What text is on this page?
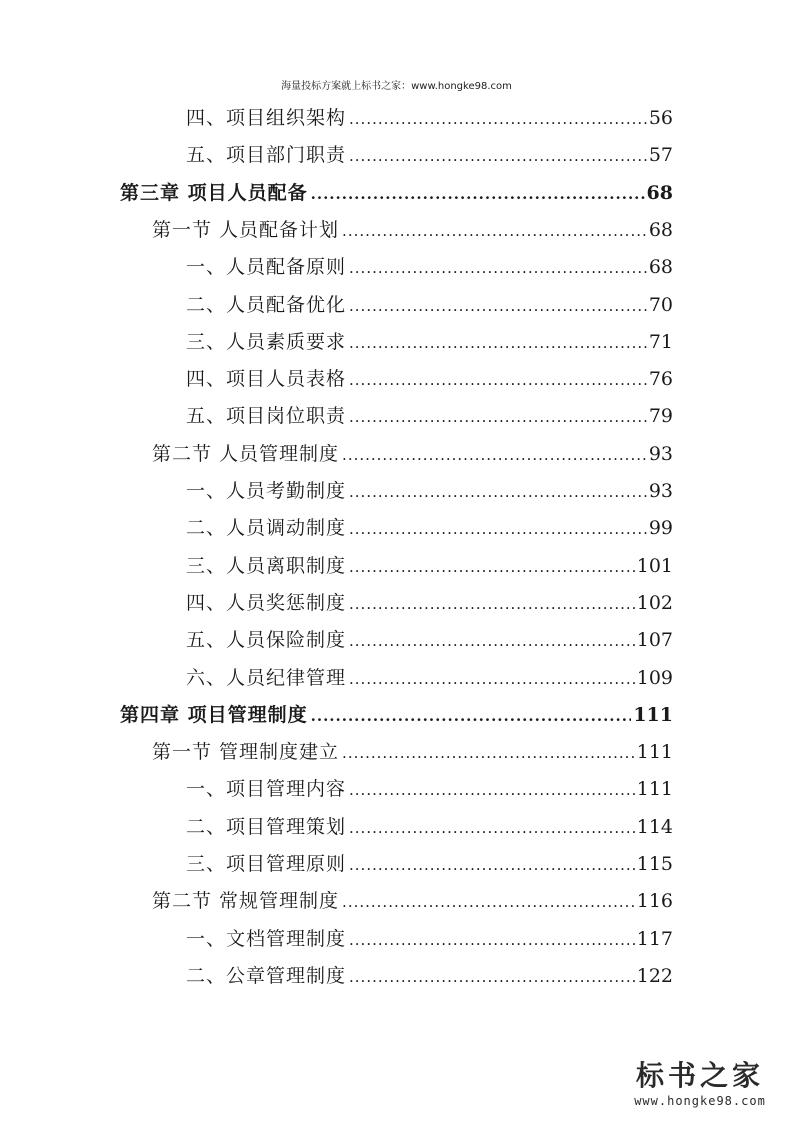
海量投标方案就上标书之家：www.hongke98.com
四、项目组织架构 .....	56
五、项目部门职责 .....	57
第三章 项目人员配备 .....	68
第一节 人员配备计划 .....	68
一、人员配备原则 .....	68
二、人员配备优化 .....	70
三、人员素质要求 .....	71
四、项目人员表格 .....	76
五、项目岗位职责 .....	79
第二节 人员管理制度 .....	93
一、人员考勤制度 .....	93
二、人员调动制度 .....	99
三、人员离职制度 .....	101
四、人员奖惩制度 .....	102
五、人员保险制度 .....	107
六、人员纪律管理 .....	109
第四章 项目管理制度 .....	111
第一节 管理制度建立 .....	111
一、项目管理内容 .....	111
二、项目管理策划 .....	114
三、项目管理原则 .....	115
第二节 常规管理制度 .....	116
一、文档管理制度 .....	117
二、公章管理制度 .....	122
标书之家
www.hongke98.com
